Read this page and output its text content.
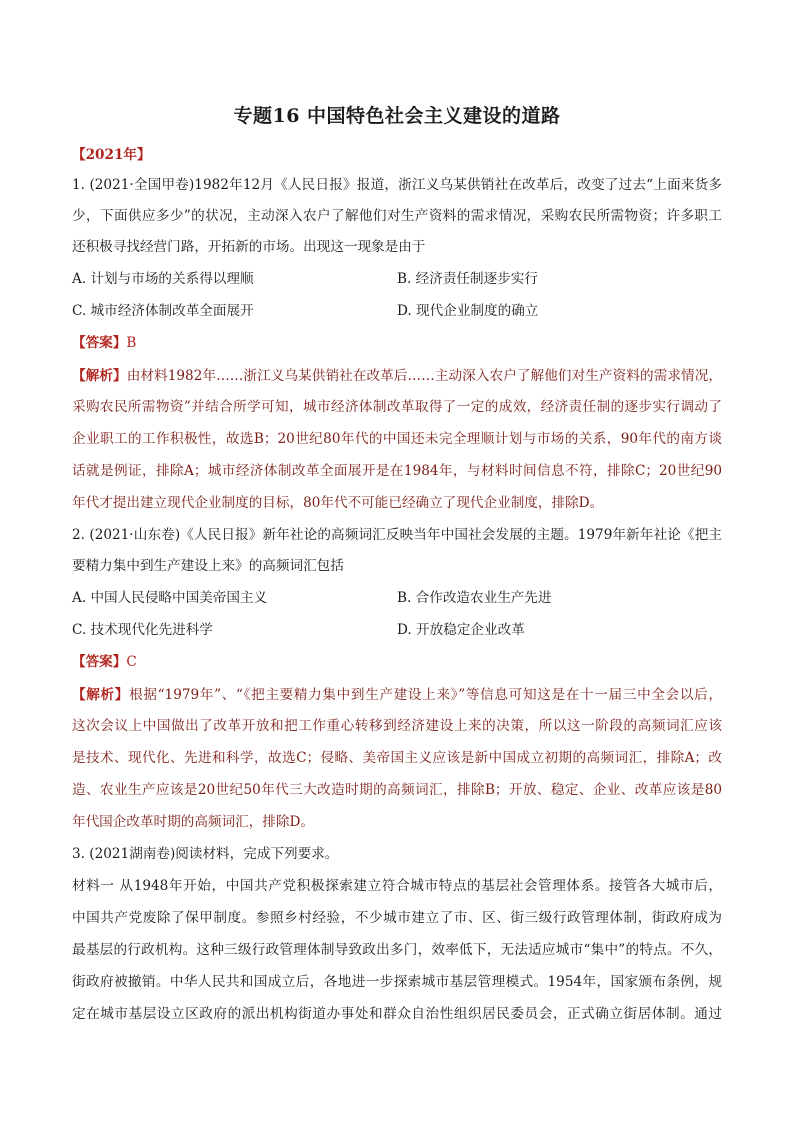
专题16 中国特色社会主义建设的道路
【2021年】
1. (2021·全国甲卷)1982年12月《人民日报》报道，浙江义乌某供销社在改革后，改变了过去“上面来货多
少，下面供应多少”的状况，主动深入农户了解他们对生产资料的需求情况，采购农民所需物资；许多职工
还积极寻找经营门路，开拓新的市场。出现这一现象是由于
A. 计划与市场的关系得以理顺	B. 经济责任制逐步实行
C. 城市经济体制改革全面展开	D. 现代企业制度的确立
【答案】B
【解析】由材料1982年……浙江义乌某供销社在改革后……主动深入农户了解他们对生产资料的需求情况，
采购农民所需物资”并结合所学可知，城市经济体制改革取得了一定的成效，经济责任制的逐步实行调动了
企业职工的工作积极性，故选B；20世纪80年代的中国还未完全理顺计划与市场的关系，90年代的南方谈
话就是例证，排除A；城市经济体制改革全面展开是在1984年，与材料时间信息不符，排除C；20世纪90
年代才提出建立现代企业制度的目标，80年代不可能已经确立了现代企业制度，排除D。
2. (2021·山东卷)《人民日报》新年社论的高频词汇反映当年中国社会发展的主题。1979年新年社论《把主
要精力集中到生产建设上来》的高频词汇包括
A. 中国人民侵略中国美帝国主义	B. 合作改造农业生产先进
C. 技术现代化先进科学	D. 开放稳定企业改革
【答案】C
【解析】根据“1979年”、“《把主要精力集中到生产建设上来》”等信息可知这是在十一届三中全会以后，
这次会议上中国做出了改革开放和把工作重心转移到经济建设上来的决策，所以这一阶段的高频词汇应该
是技术、现代化、先进和科学，故选C；侵略、美帝国主义应该是新中国成立初期的高频词汇，排除A；改
造、农业生产应该是20世纪50年代三大改造时期的高频词汇，排除B；开放、稳定、企业、改革应该是80
年代国企改革时期的高频词汇，排除D。
3. (2021湖南卷)阅读材料，完成下列要求。
材料一 从1948年开始，中国共产党积极探索建立符合城市特点的基层社会管理体系。接管各大城市后，
中国共产党废除了保甲制度。参照乡村经验，不少城市建立了市、区、街三级行政管理体制，街政府成为
最基层的行政机构。这种三级行政管理体制导致政出多门，效率低下，无法适应城市“集中”的特点。不久，
街政府被撤销。中华人民共和国成立后，各地进一步探索城市基层管理模式。1954年，国家颁布条例，规
定在城市基层设立区政府的派出机构街道办事处和群众自治性组织居民委员会，正式确立街居体制。通过
